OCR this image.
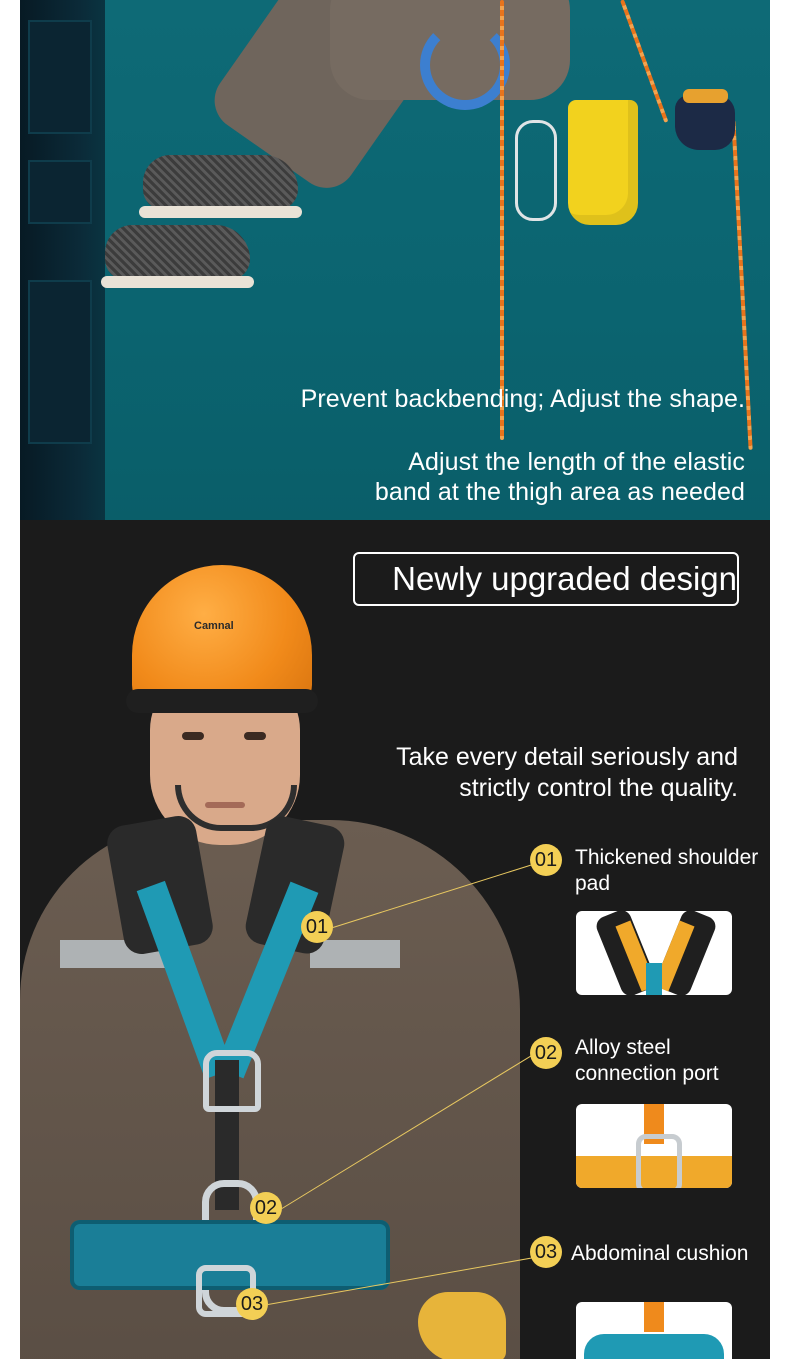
Prevent backbending; Adjust the shape.
Adjust the length of the elastic
band at the thigh area as needed
Camnal
Newly upgraded design
Take every detail seriously and
strictly control the quality.
01
02
03
01 Thickened shoulder
pad
02 Alloy steel
connection port
03 Abdominal cushion
